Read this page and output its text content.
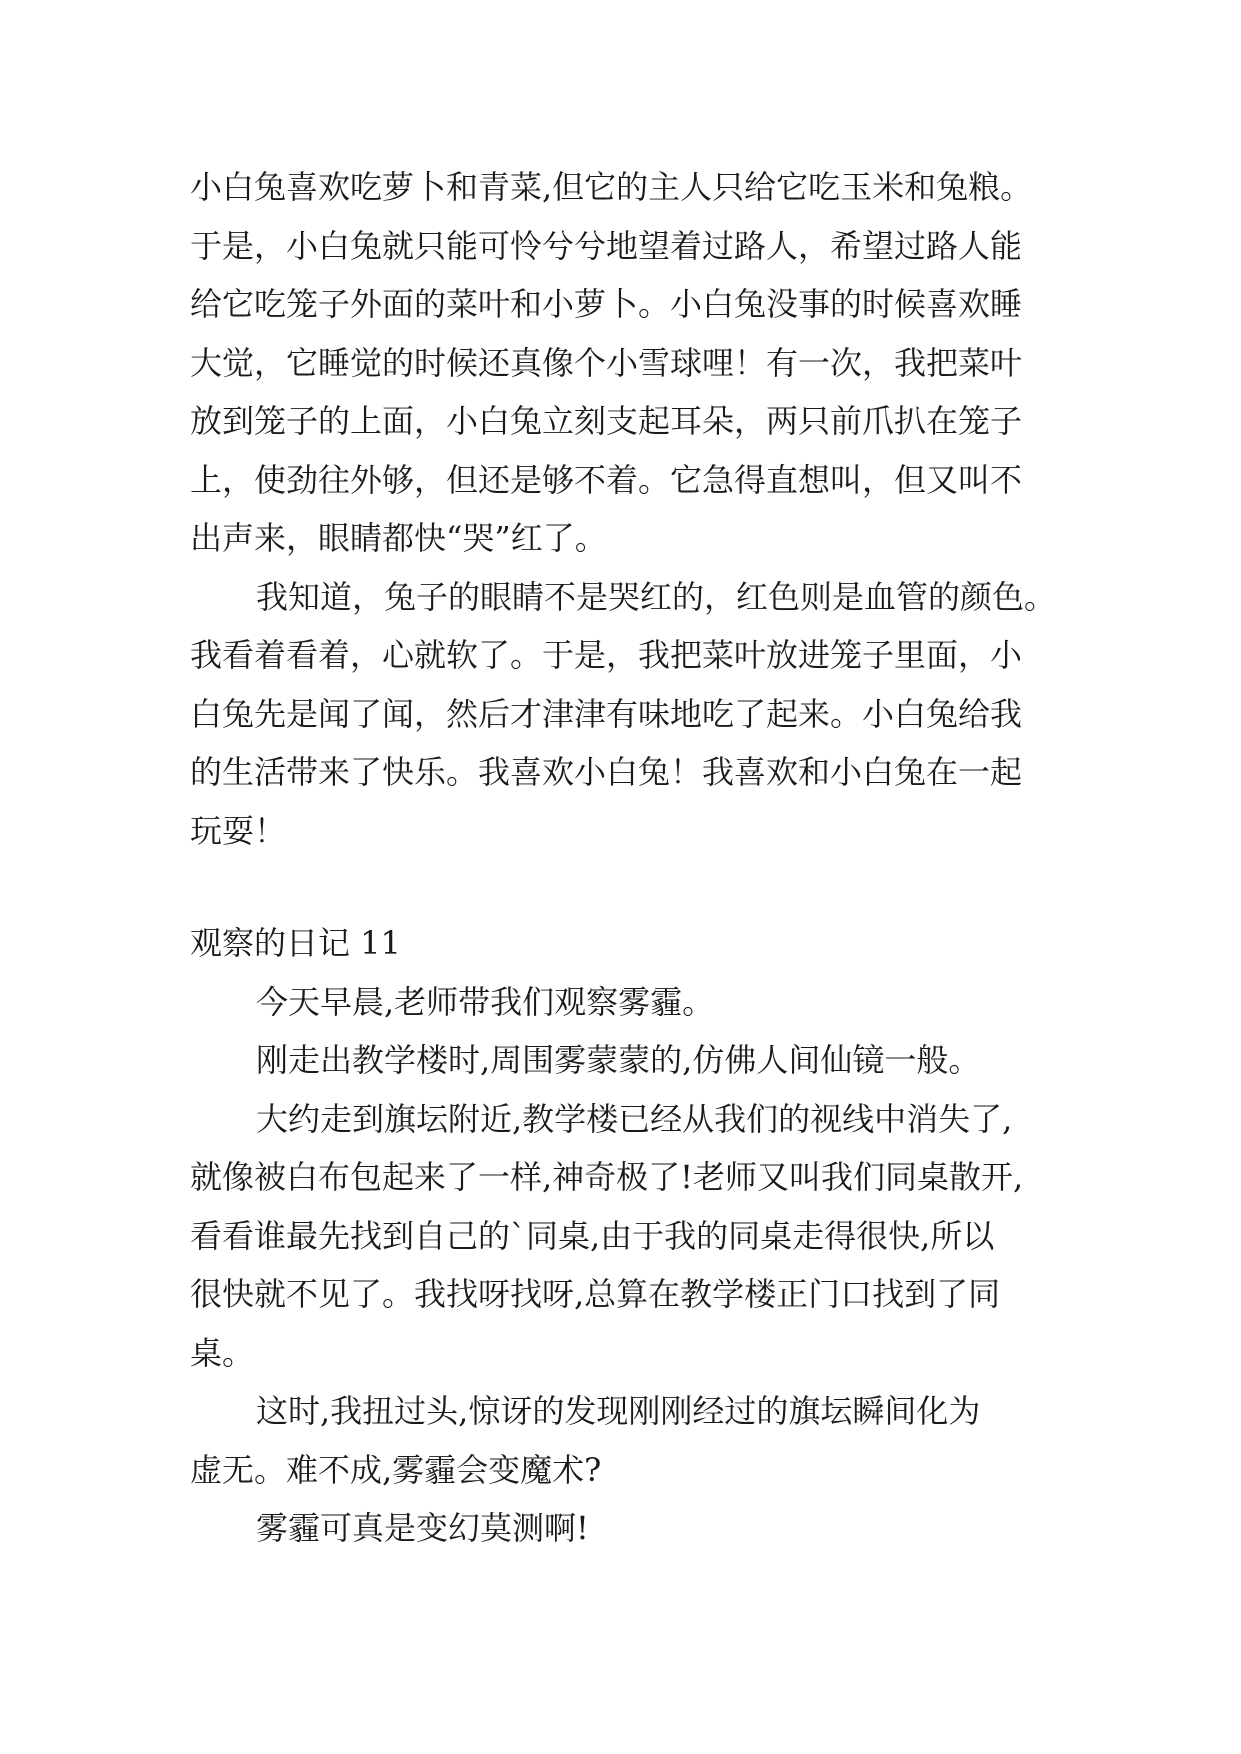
小白兔喜欢吃萝卜和青菜,但它的主人只给它吃玉米和兔粮。
于是，小白兔就只能可怜兮兮地望着过路人，希望过路人能
给它吃笼子外面的菜叶和小萝卜。小白兔没事的时候喜欢睡
大觉，它睡觉的时候还真像个小雪球哩！有一次，我把菜叶
放到笼子的上面，小白兔立刻支起耳朵，两只前爪扒在笼子
上，使劲往外够，但还是够不着。它急得直想叫，但又叫不
出声来，眼睛都快“哭”红了。

我知道，兔子的眼睛不是哭红的，红色则是血管的颜色。
我看着看着，心就软了。于是，我把菜叶放进笼子里面，小
白兔先是闻了闻，然后才津津有味地吃了起来。小白兔给我
的生活带来了快乐。我喜欢小白兔！我喜欢和小白兔在一起
玩耍！

观察的日记 11

今天早晨,老师带我们观察雾霾。

刚走出教学楼时,周围雾蒙蒙的,仿佛人间仙镜一般。

大约走到旗坛附近,教学楼已经从我们的视线中消失了,
就像被白布包起来了一样,神奇极了!老师又叫我们同桌散开,
看看谁最先找到自己的`同桌,由于我的同桌走得很快,所以
很快就不见了。我找呀找呀,总算在教学楼正门口找到了同
桌。

这时,我扭过头,惊讶的发现刚刚经过的旗坛瞬间化为
虚无。难不成,雾霾会变魔术?

雾霾可真是变幻莫测啊!
